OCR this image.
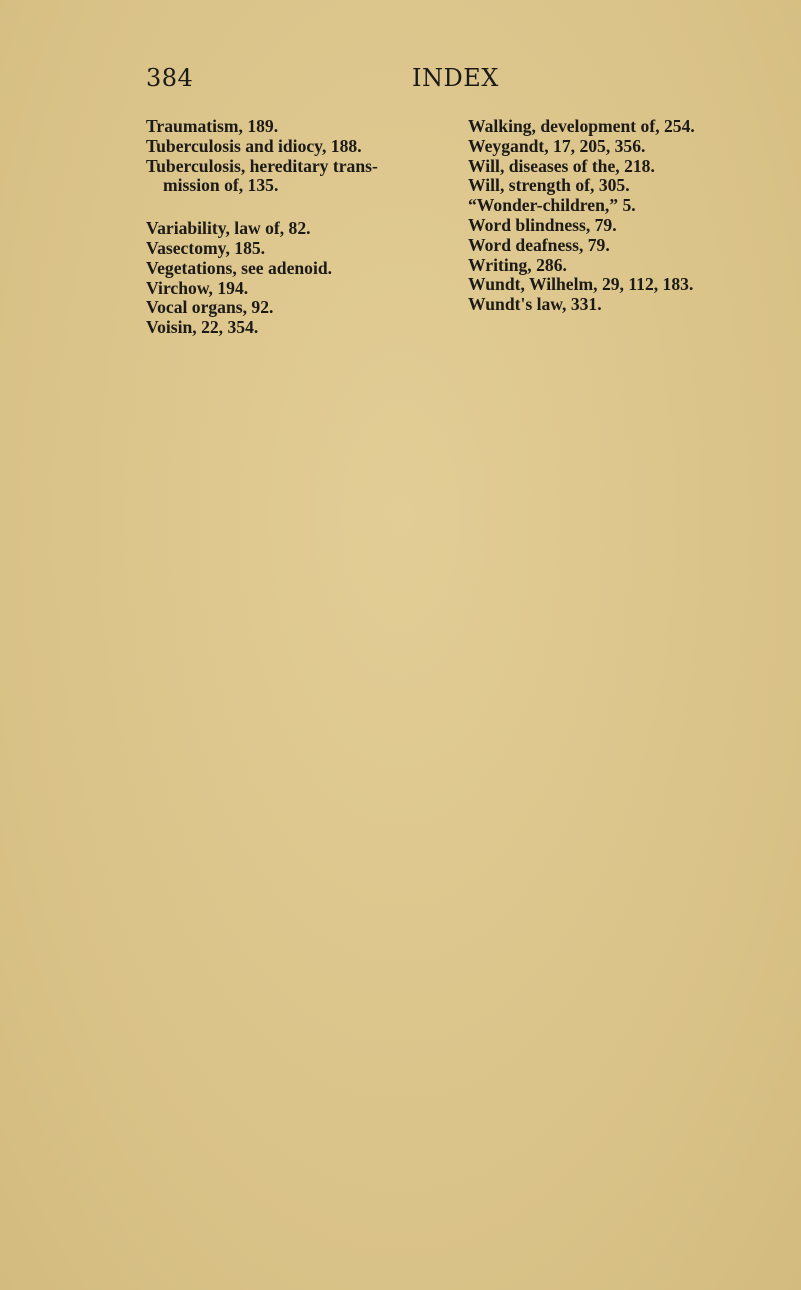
384	INDEX
Traumatism, 189.
Tuberculosis and idiocy, 188.
Tuberculosis, hereditary trans-
mission of, 135.
Variability, law of, 82.
Vasectomy, 185.
Vegetations, see adenoid.
Virchow, 194.
Vocal organs, 92.
Voisin, 22, 354.
Walking, development of, 254.
Weygandt, 17, 205, 356.
Will, diseases of the, 218.
Will, strength of, 305.
“Wonder-children,” 5.
Word blindness, 79.
Word deafness, 79.
Writing, 286.
Wundt, Wilhelm, 29, 112, 183.
Wundt's law, 331.
